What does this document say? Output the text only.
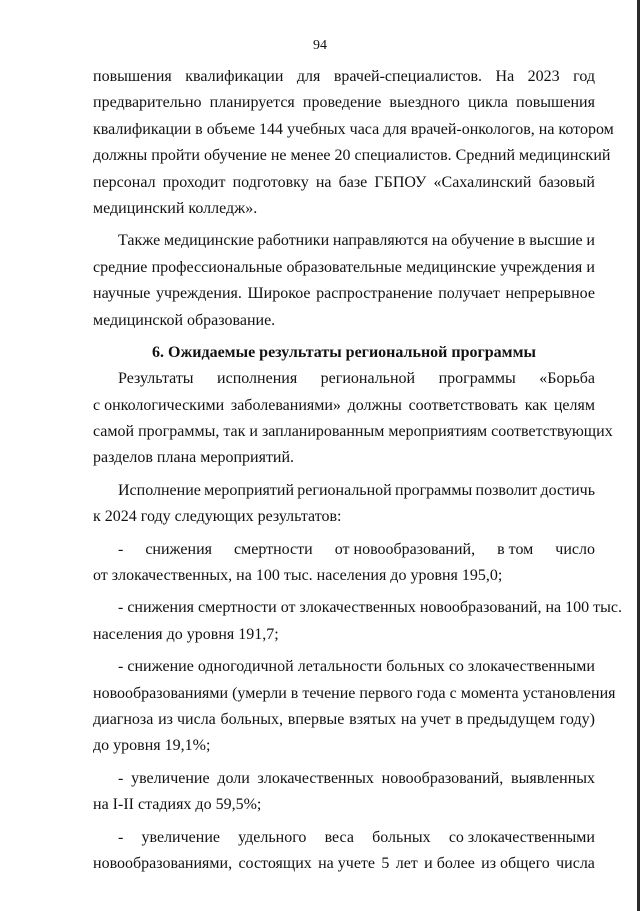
94
повышения квалификации для врачей-специалистов. На 2023 год
предварительно планируется проведение выездного цикла повышения
квалификации в объеме 144 учебных часа для врачей-онкологов, на котором
должны пройти обучение не менее 20 специалистов. Средний медицинский
персонал проходит подготовку на базе ГБПОУ «Сахалинский базовый
медицинский колледж».
Также медицинские работники направляются на обучение в высшие и
средние профессиональные образовательные медицинские учреждения и
научные учреждения. Широкое распространение получает непрерывное
медицинской образование.
6. Ожидаемые результаты региональной программы
Результаты исполнения региональной программы «Борьба
с онкологическими заболеваниями» должны соответствовать как целям
самой программы, так и запланированным мероприятиям соответствующих
разделов плана мероприятий.
Исполнение мероприятий региональной программы позволит достичь
к 2024 году следующих результатов:
- снижения смертности от новообразований, в том число
от злокачественных, на 100 тыс. населения до уровня 195,0;
- снижения смертности от злокачественных новообразований, на 100 тыс.
населения до уровня 191,7;
- снижение одногодичной летальности больных со злокачественными
новообразованиями (умерли в течение первого года с момента установления
диагноза из числа больных, впервые взятых на учет в предыдущем году)
до уровня 19,1%;
- увеличение доли злокачественных новообразований, выявленных
на I-II стадиях до 59,5%;
- увеличение удельного веса больных со злокачественными
новообразованиями, состоящих на учете 5 лет и более из общего числа
